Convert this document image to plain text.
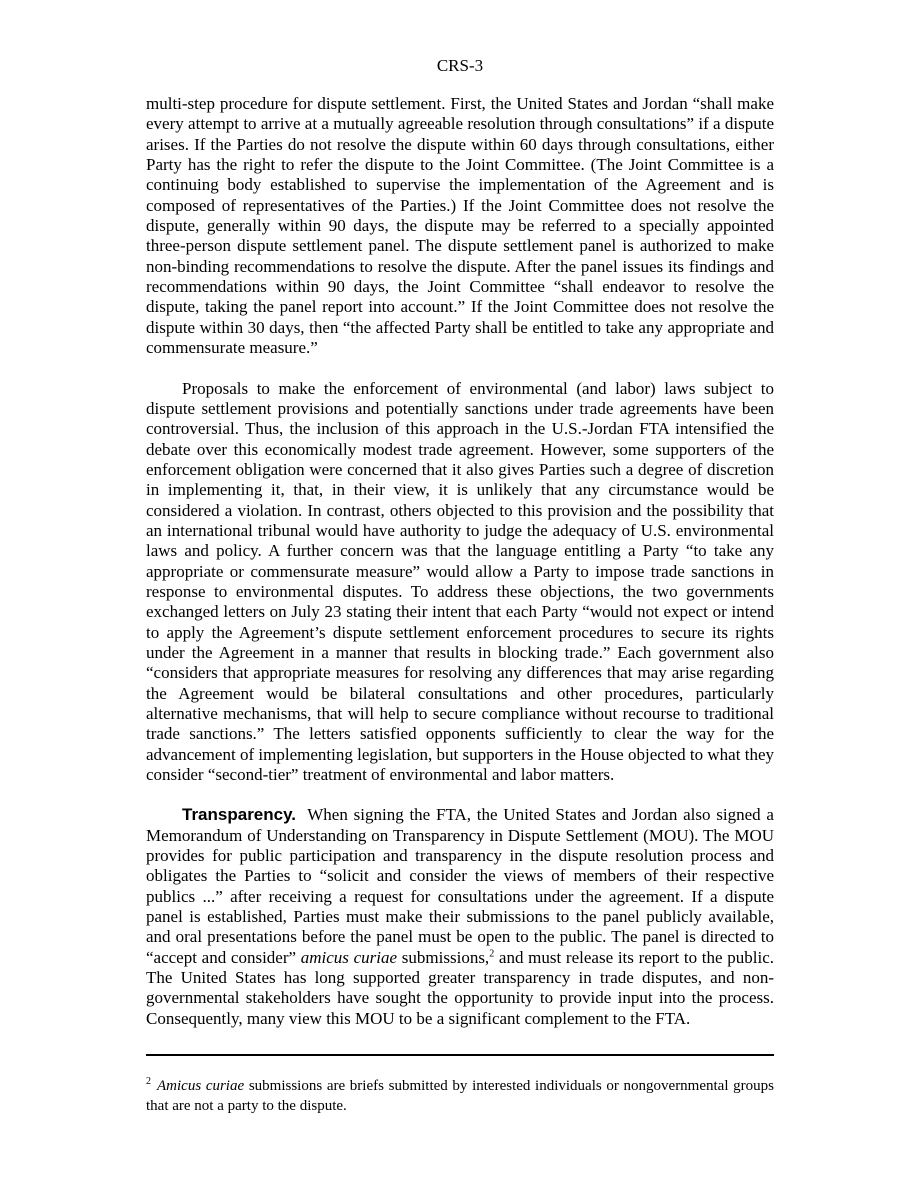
CRS-3

multi-step procedure for dispute settlement. First, the United States and Jordan “shall make every attempt to arrive at a mutually agreeable resolution through consultations” if a dispute arises. If the Parties do not resolve the dispute within 60 days through consultations, either Party has the right to refer the dispute to the Joint Committee. (The Joint Committee is a continuing body established to supervise the implementation of the Agreement and is composed of representatives of the Parties.) If the Joint Committee does not resolve the dispute, generally within 90 days, the dispute may be referred to a specially appointed three-person dispute settlement panel. The dispute settlement panel is authorized to make non-binding recommendations to resolve the dispute. After the panel issues its findings and recommendations within 90 days, the Joint Committee “shall endeavor to resolve the dispute, taking the panel report into account.” If the Joint Committee does not resolve the dispute within 30 days, then “the affected Party shall be entitled to take any appropriate and commensurate measure.”

Proposals to make the enforcement of environmental (and labor) laws subject to dispute settlement provisions and potentially sanctions under trade agreements have been controversial. Thus, the inclusion of this approach in the U.S.-Jordan FTA intensified the debate over this economically modest trade agreement. However, some supporters of the enforcement obligation were concerned that it also gives Parties such a degree of discretion in implementing it, that, in their view, it is unlikely that any circumstance would be considered a violation. In contrast, others objected to this provision and the possibility that an international tribunal would have authority to judge the adequacy of U.S. environmental laws and policy. A further concern was that the language entitling a Party “to take any appropriate or commensurate measure” would allow a Party to impose trade sanctions in response to environmental disputes. To address these objections, the two governments exchanged letters on July 23 stating their intent that each Party “would not expect or intend to apply the Agreement’s dispute settlement enforcement procedures to secure its rights under the Agreement in a manner that results in blocking trade.” Each government also “considers that appropriate measures for resolving any differences that may arise regarding the Agreement would be bilateral consultations and other procedures, particularly alternative mechanisms, that will help to secure compliance without recourse to traditional trade sanctions.” The letters satisfied opponents sufficiently to clear the way for the advancement of implementing legislation, but supporters in the House objected to what they consider “second-tier” treatment of environmental and labor matters.

Transparency. When signing the FTA, the United States and Jordan also signed a Memorandum of Understanding on Transparency in Dispute Settlement (MOU). The MOU provides for public participation and transparency in the dispute resolution process and obligates the Parties to “solicit and consider the views of members of their respective publics ...” after receiving a request for consultations under the agreement. If a dispute panel is established, Parties must make their submissions to the panel publicly available, and oral presentations before the panel must be open to the public. The panel is directed to “accept and consider” amicus curiae submissions,$^2$ and must release its report to the public. The United States has long supported greater transparency in trade disputes, and non-governmental stakeholders have sought the opportunity to provide input into the process. Consequently, many view this MOU to be a significant complement to the FTA.

$^2$ Amicus curiae submissions are briefs submitted by interested individuals or nongovernmental groups that are not a party to the dispute.
